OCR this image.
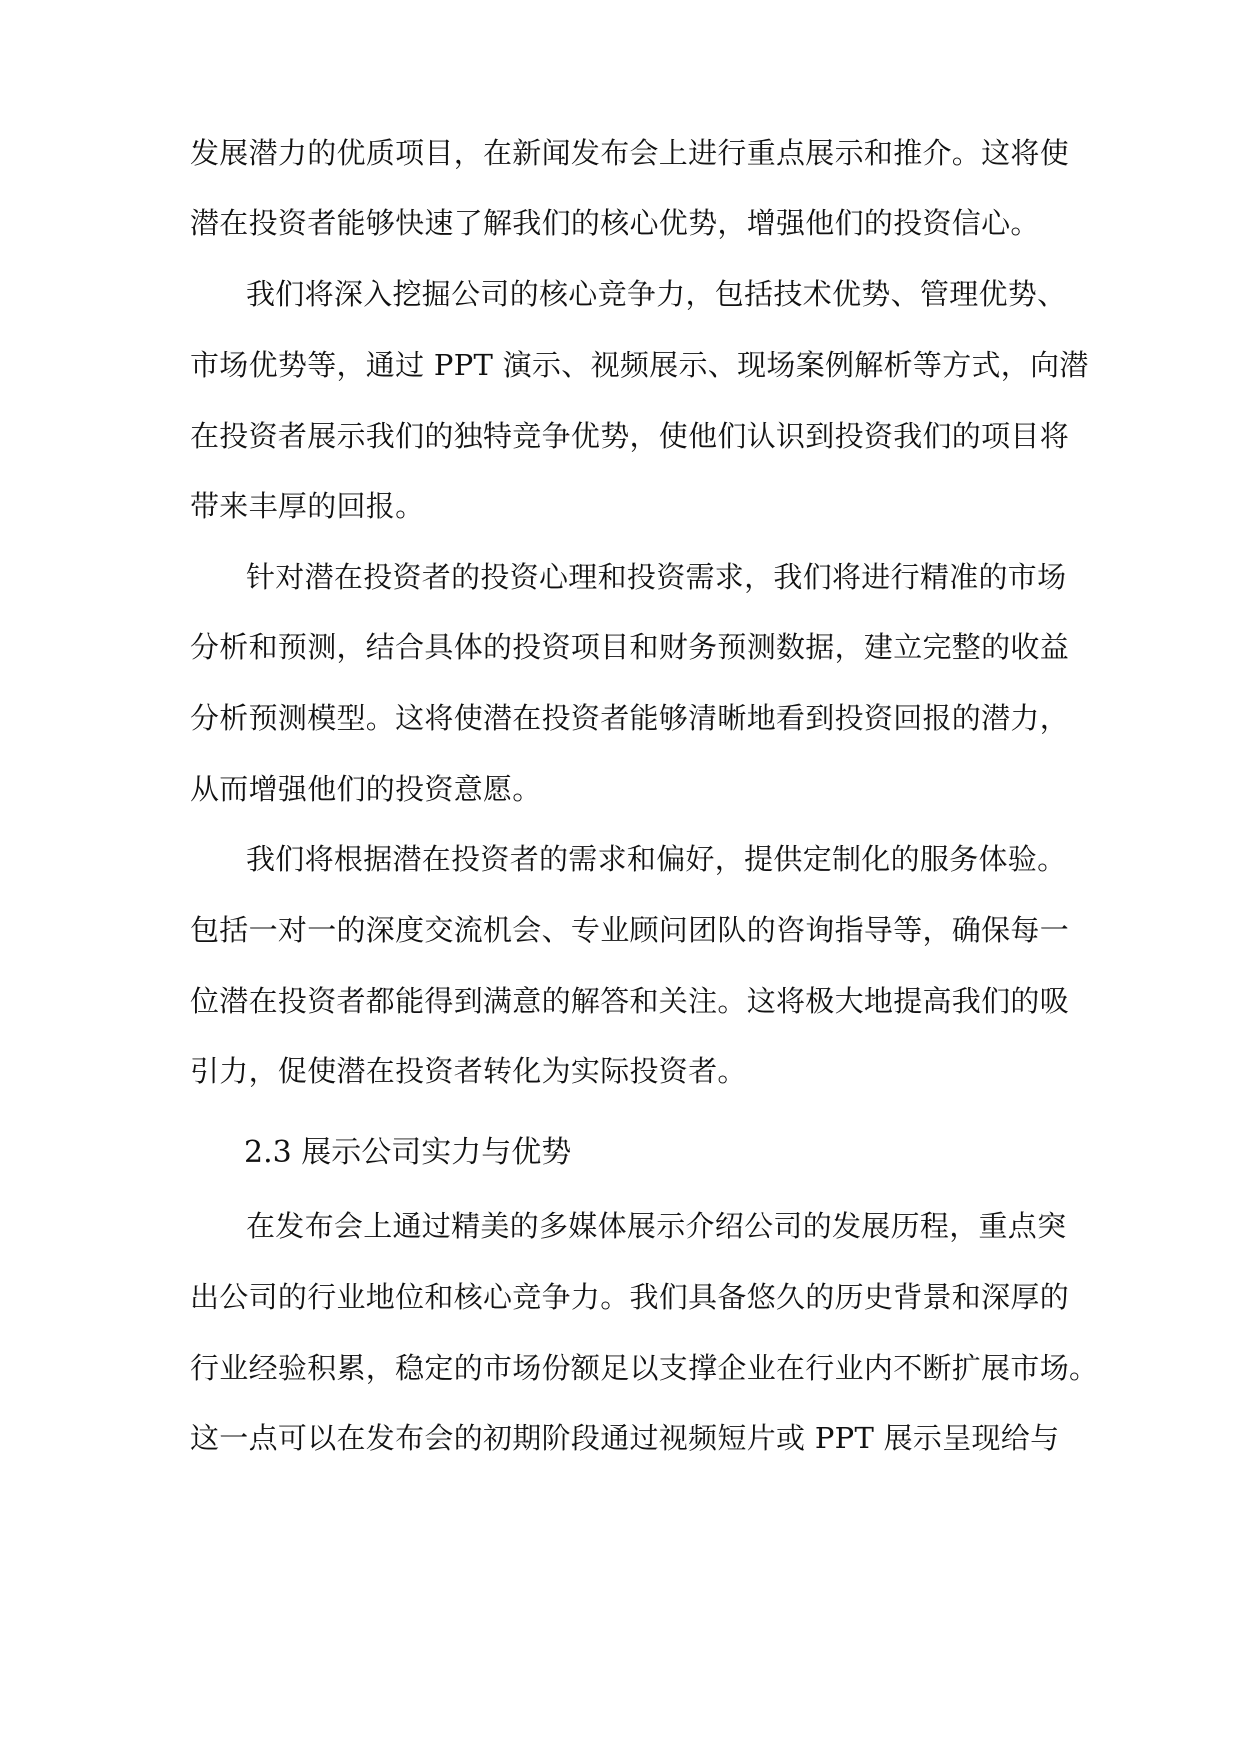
发展潜力的优质项目，在新闻发布会上进行重点展示和推介。这将使

潜在投资者能够快速了解我们的核心优势，增强他们的投资信心。

我们将深入挖掘公司的核心竞争力，包括技术优势、管理优势、

市场优势等，通过 PPT 演示、视频展示、现场案例解析等方式，向潜

在投资者展示我们的独特竞争优势，使他们认识到投资我们的项目将

带来丰厚的回报。

针对潜在投资者的投资心理和投资需求，我们将进行精准的市场

分析和预测，结合具体的投资项目和财务预测数据，建立完整的收益

分析预测模型。这将使潜在投资者能够清晰地看到投资回报的潜力，

从而增强他们的投资意愿。

我们将根据潜在投资者的需求和偏好，提供定制化的服务体验。

包括一对一的深度交流机会、专业顾问团队的咨询指导等，确保每一

位潜在投资者都能得到满意的解答和关注。这将极大地提高我们的吸

引力，促使潜在投资者转化为实际投资者。

2.3 展示公司实力与优势

在发布会上通过精美的多媒体展示介绍公司的发展历程，重点突

出公司的行业地位和核心竞争力。我们具备悠久的历史背景和深厚的

行业经验积累，稳定的市场份额足以支撑企业在行业内不断扩展市场。

这一点可以在发布会的初期阶段通过视频短片或 PPT 展示呈现给与
